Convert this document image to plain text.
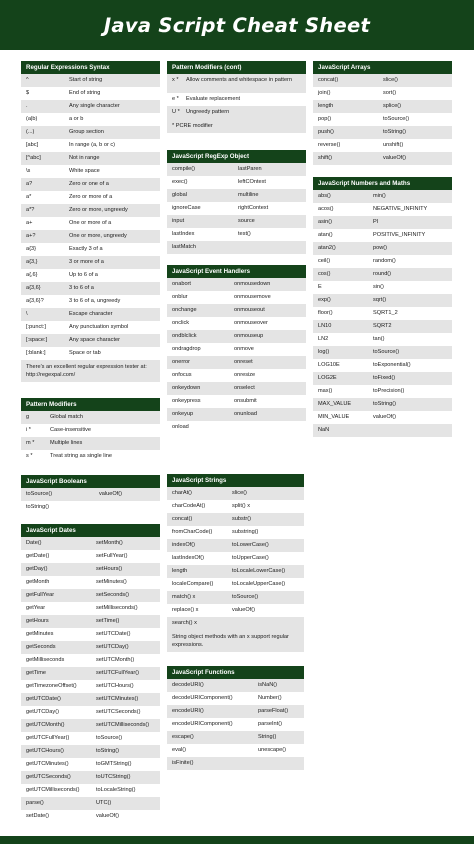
Java Script Cheat Sheet
Regular Expressions Syntax
^	Start of string
$	End of string
.	Any single character
(a|b)	a or b
(...)	Group section
[abc]	In range (a, b or c)
[^abc]	Not in range
\s	White space
a?	Zero or one of a
a*	Zero or more of a
a*?	Zero or more, ungreedy
a+	One or more of a
a+?	One or more, ungreedy
a{3}	Exactly 3 of a
a{3,}	3 or more of a
a{,6}	Up to 6 of a
a{3,6}	3 to 6 of a
a{3,6}?	3 to 6 of a, ungreedy
\	Escape character
[:punct:]	Any punctuation symbol
[:space:]	Any space character
[:blank:]	Space or tab
There's an excellent regular expression tester at: http://regexpal.com/
Pattern Modifiers
g	Global match
i *	Case-insensitive
m *	Multiple lines
s *	Treat string as single line
JavaScript Booleans
toSource()	valueOf()
toString()
JavaScript Dates
Date()	setMonth()
getDate()	setFullYear()
getDay()	setHours()
getMonth	setMinutes()
getFullYear	setSeconds()
getYear	setMilliseconds()
getHours	setTime()
getMinutes	setUTCDate()
getSeconds	setUTCDay()
getMilliseconds	setUTCMonth()
getTime	setUTCFullYear()
getTimezoneOffset()	setUTCHours()
getUTCDate()	setUTCMinutes()
getUTCDay()	setUTCSeconds()
getUTCMonth()	setUTCMilliseconds()
getUTCFullYear()	toSource()
getUTCHours()	toString()
getUTCMinutes()	toGMTString()
getUTCSeconds()	toUTCString()
getUTCMilliseconds()	toLocaleString()
parse()	UTC()
setDate()	valueOf()
Pattern Modifiers (cont)
x *	Allow comments and whitespace in pattern
e *	Evaluate replacement
U *	Ungreedy pattern
* PCRE modifier
JavaScript RegExp Object
compile()	lastParen
exec()	leftCOntext
global	multiline
ignoreCase	rightContext
input	source
lastIndex	test()
lastMatch
JavaScript Event Handlers
onabort	onmousedown
onblur	onmousemove
onchange	onmouseout
onclick	onmouseover
ondblclick	onmouseup
ondragdrop	onmove
onerror	onreset
onfocus	onresize
onkeydown	onselect
onkeypress	onsubmit
onkeyup	onunload
onload
JavaScript Strings
charAt()	slice()
charCodeAt()	split() x
concat()	substr()
fromCharCode()	substring()
indexOf()	toLowerCase()
lastIndexOf()	toUpperCase()
length	toLocaleLowerCase()
localeCompare()	toLocaleUpperCase()
match() x	toSource()
replace() x	valueOf()
search() x
String object methods with an x support regular expressions.
JavaScript Functions
decodeURI()	isNaN()
decodeURIComponent()	Number()
encodeURI()	parseFloat()
encodeURIComponent()	parseInt()
escape()	String()
eval()	unescape()
isFinite()
JavaScript Arrays
concat()	slice()
join()	sort()
length	splice()
pop()	toSource()
push()	toString()
reverse()	unshift()
shift()	valueOf()
JavaScript Numbers and Maths
abs()	min()
acos()	NEGATIVE_INFINITY
asin()	PI
atan()	POSITIVE_INFINITY
atan2()	pow()
ceil()	random()
cos()	round()
E	sin()
exp()	sqrt()
floor()	SQRT1_2
LN10	SQRT2
LN2	tan()
log()	toSource()
LOG10E	toExponential()
LOG2E	toFixed()
max()	toPrecision()
MAX_VALUE	toString()
MIN_VALUE	valueOf()
NaN
